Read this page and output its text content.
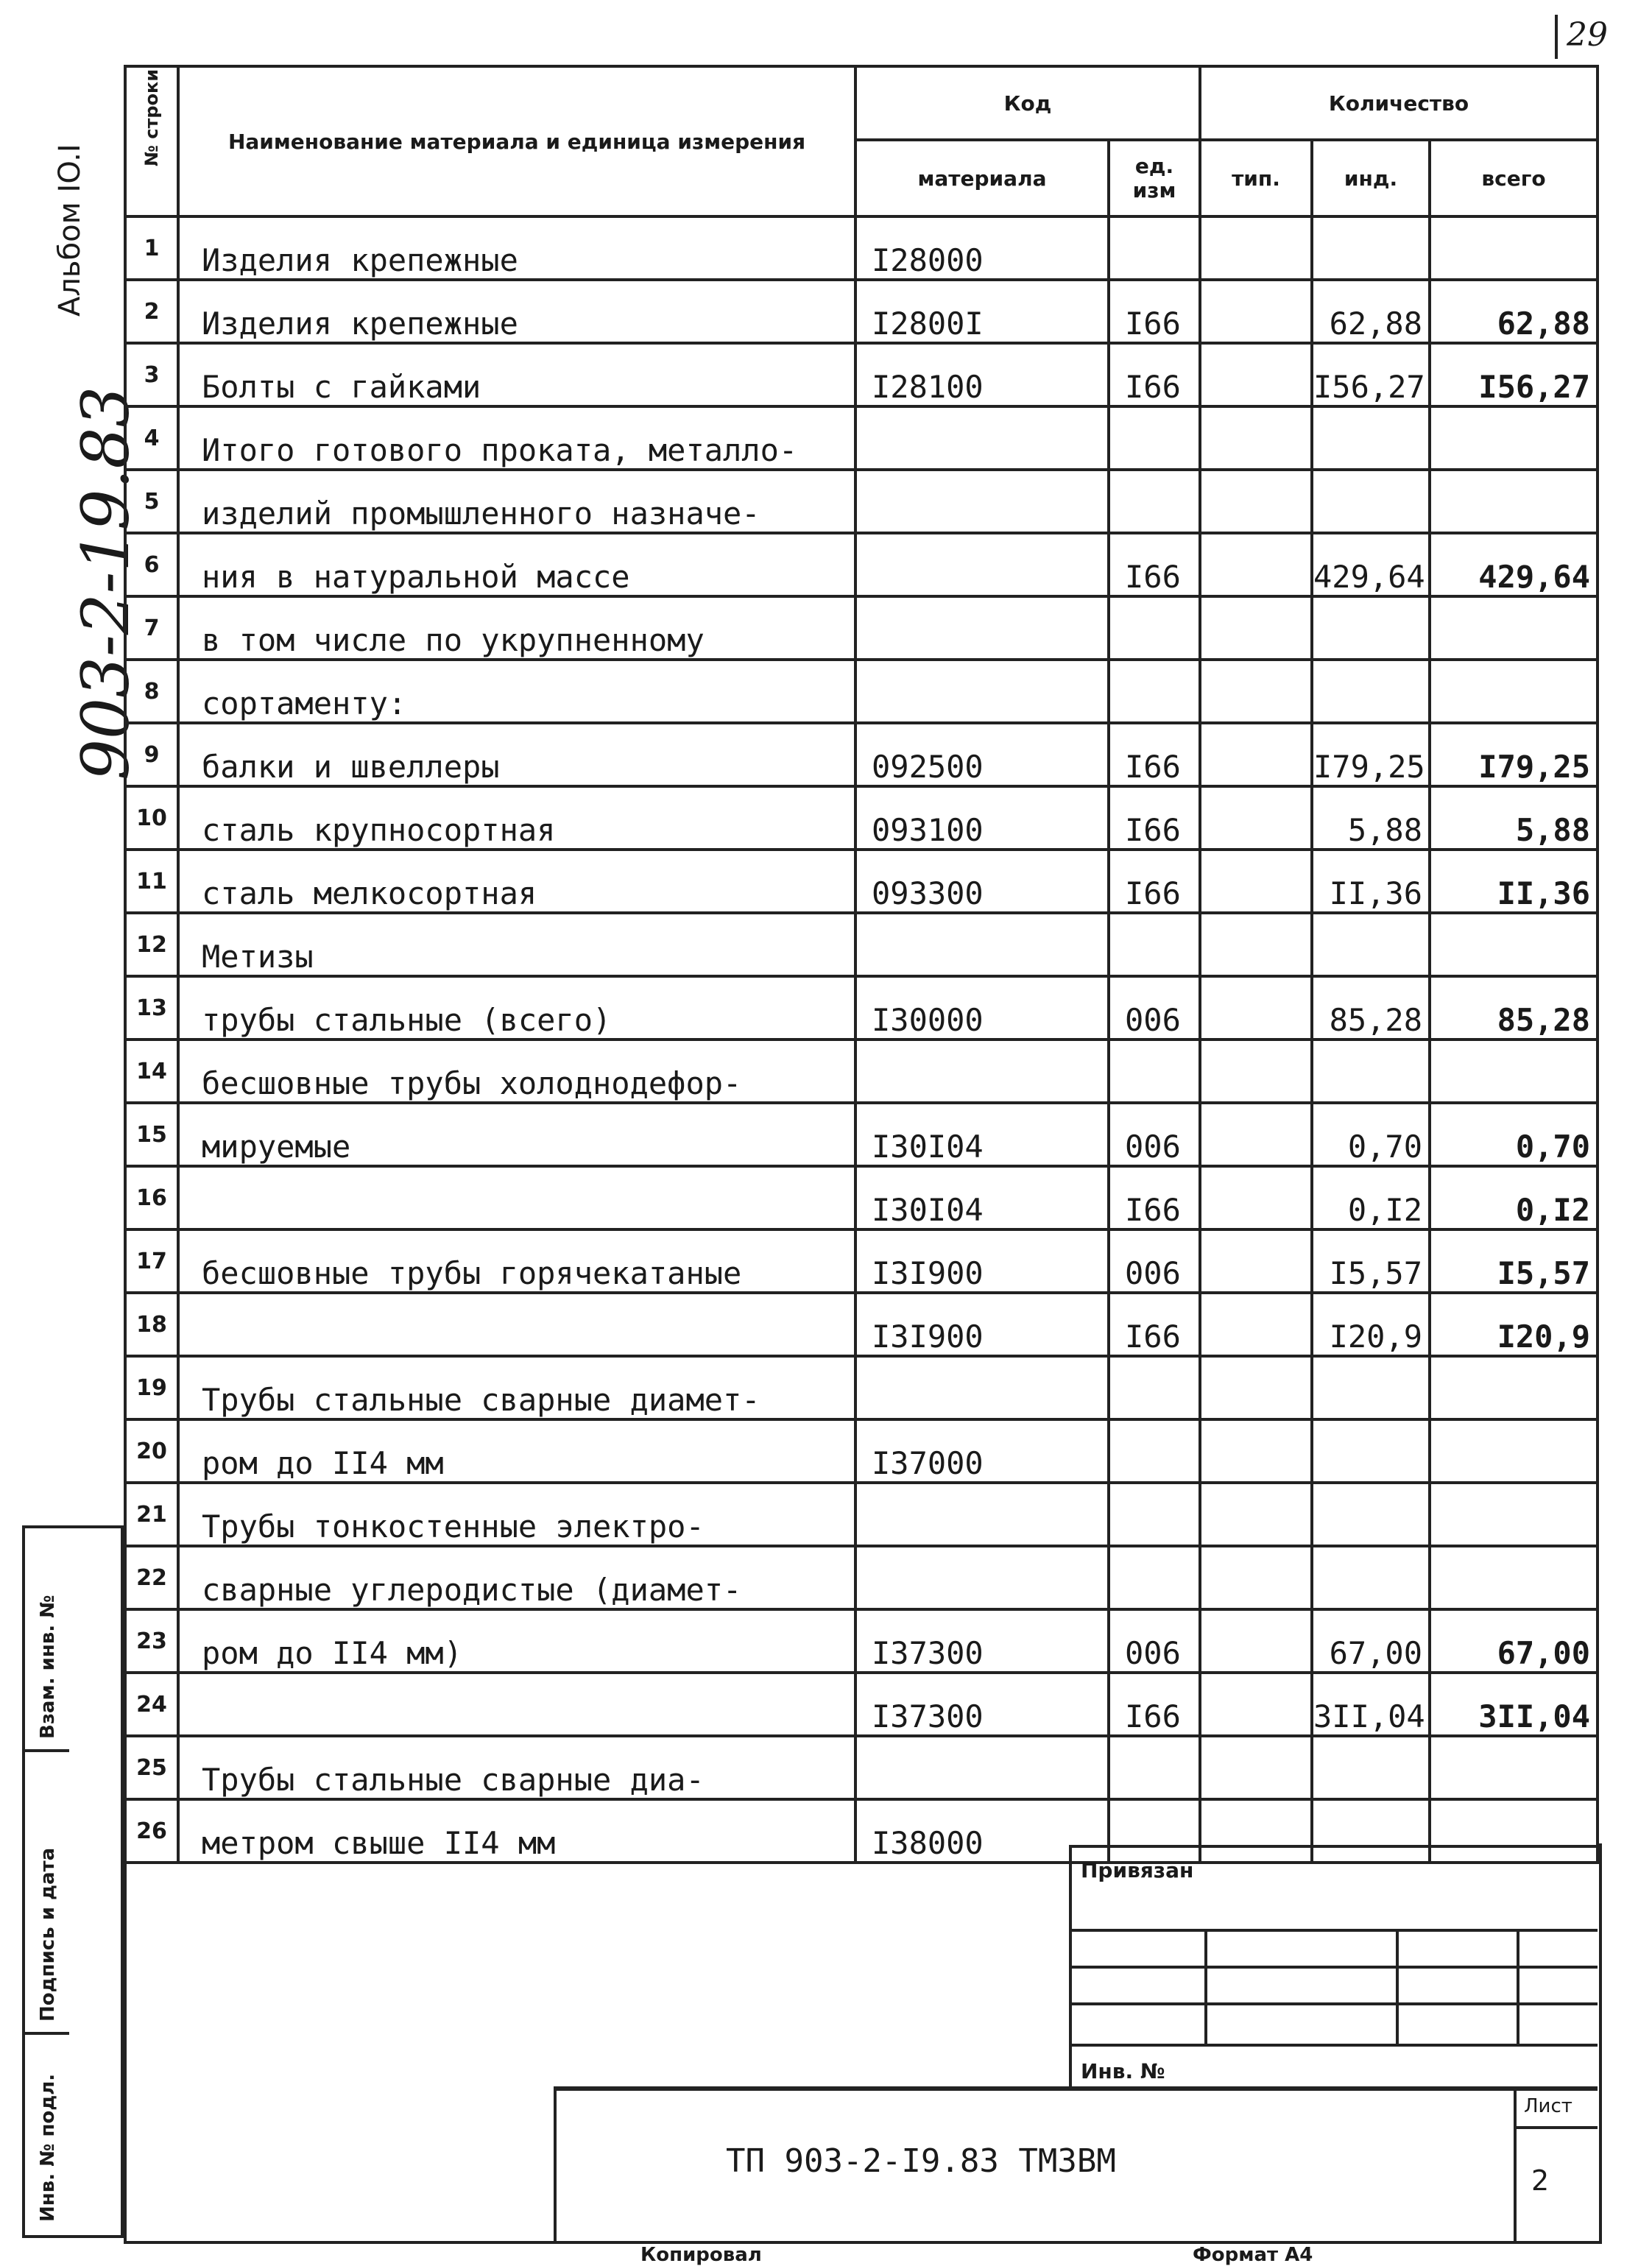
29
Альбом IO.I
903-2-19.83
№ строки	Наименование материала и единица измерения	Код		Количество		
		материала	ед. изм	тип.	инд.	всего
1	Изделия крепежные	I28000				
2	Изделия крепежные	I2800I	I66		62,88	62,88
3	Болты с гайками	I28100	I66		I56,27	I56,27
4	Итого готового проката, металло-					
5	изделий промышленного назначе-					
6	ния в натуральной массе		I66		429,64	429,64
7	в том числе по укрупненному					
8	сортаменту:					
9	балки и швеллеры	092500	I66		I79,25	I79,25
10	сталь крупносортная	093100	I66		5,88	5,88
11	сталь мелкосортная	093300	I66		II,36	II,36
12	Метизы					
13	трубы стальные (всего)	I30000	006		85,28	85,28
14	бесшовные трубы холоднодефор-					
15	мируемые	I30I04	006		0,70	0,70
16		I30I04	I66		0,I2	0,I2
17	бесшовные трубы горячекатаные	I3I900	006		I5,57	I5,57
18		I3I900	I66		I20,9	I20,9
19	Трубы стальные сварные диамет-					
20	ром до II4 мм	I37000				
21	Трубы тонкостенные электро-					
22	сварные углеродистые (диамет-					
23	ром до II4 мм)	I37300	006		67,00	67,00
24		I37300	I66		3II,04	3II,04
25	Трубы стальные сварные диа-					
26	метром свыше II4 мм	I38000				
Взам. инв. №
Подпись и дата
Инв. № подл.
Привязан
Инв. №
ТП 903-2-I9.83 ТМЗВМ
Лист
2
Копировал	Формат А4
